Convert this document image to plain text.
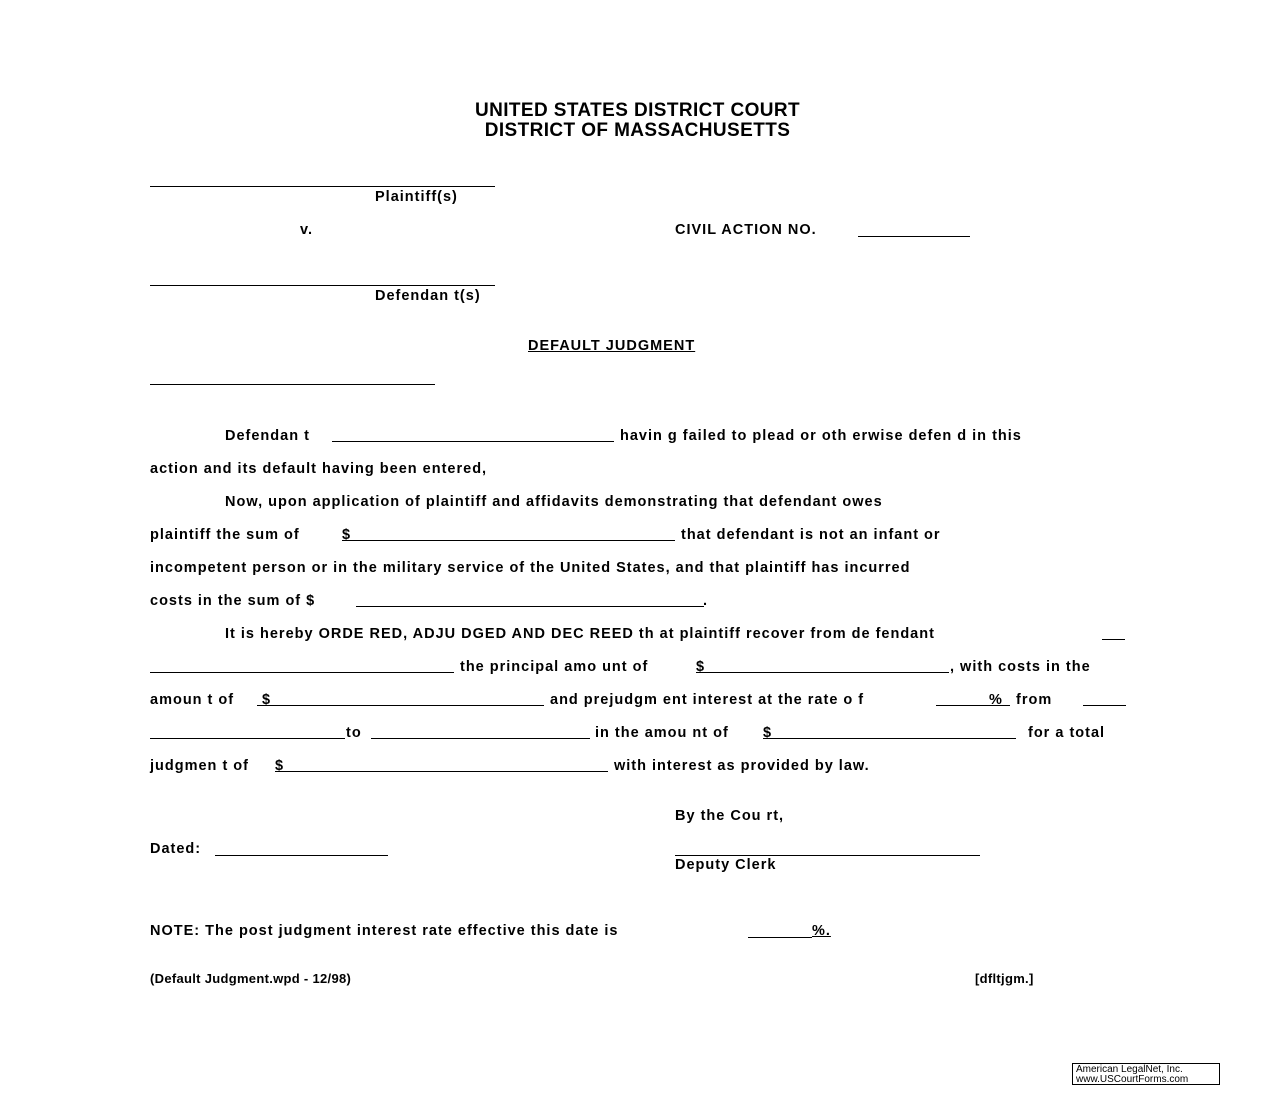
UNITED STATES DISTRICT COURT
DISTRICT OF MASSACHUSETTS
Plaintiff(s)
v.	CIVIL ACTION NO.
Defendan t(s)
DEFAULT JUDGMENT
Defendan t	havin g failed to plead or oth erwise defen d in this
action and its default having been entered,
Now, upon application of plaintiff and affidavits demonstrating that defendant owes
plaintiff the sum of	$	that defendant is not an infant or
incompetent person or in the military service of the United States, and that plaintiff has incurred
costs in the sum of $	.
It is hereby ORDE RED, ADJU DGED AND DEC REED th at plaintiff recover from de fendant
the principal amo unt of	$	, with costs in the
amoun t of $	and prejudgm ent interest at the rate o f	% from
to	in the amou nt of $	for a total
judgmen t of $	with interest as provided by law.
By the Cou rt,
Dated:
Deputy Clerk
NOTE: The post judgment interest rate effective this date is	%.
(Default Judgment.wpd - 12/98)	[dfltjgm.]
American LegalNet, Inc.
www.USCourtForms.com
